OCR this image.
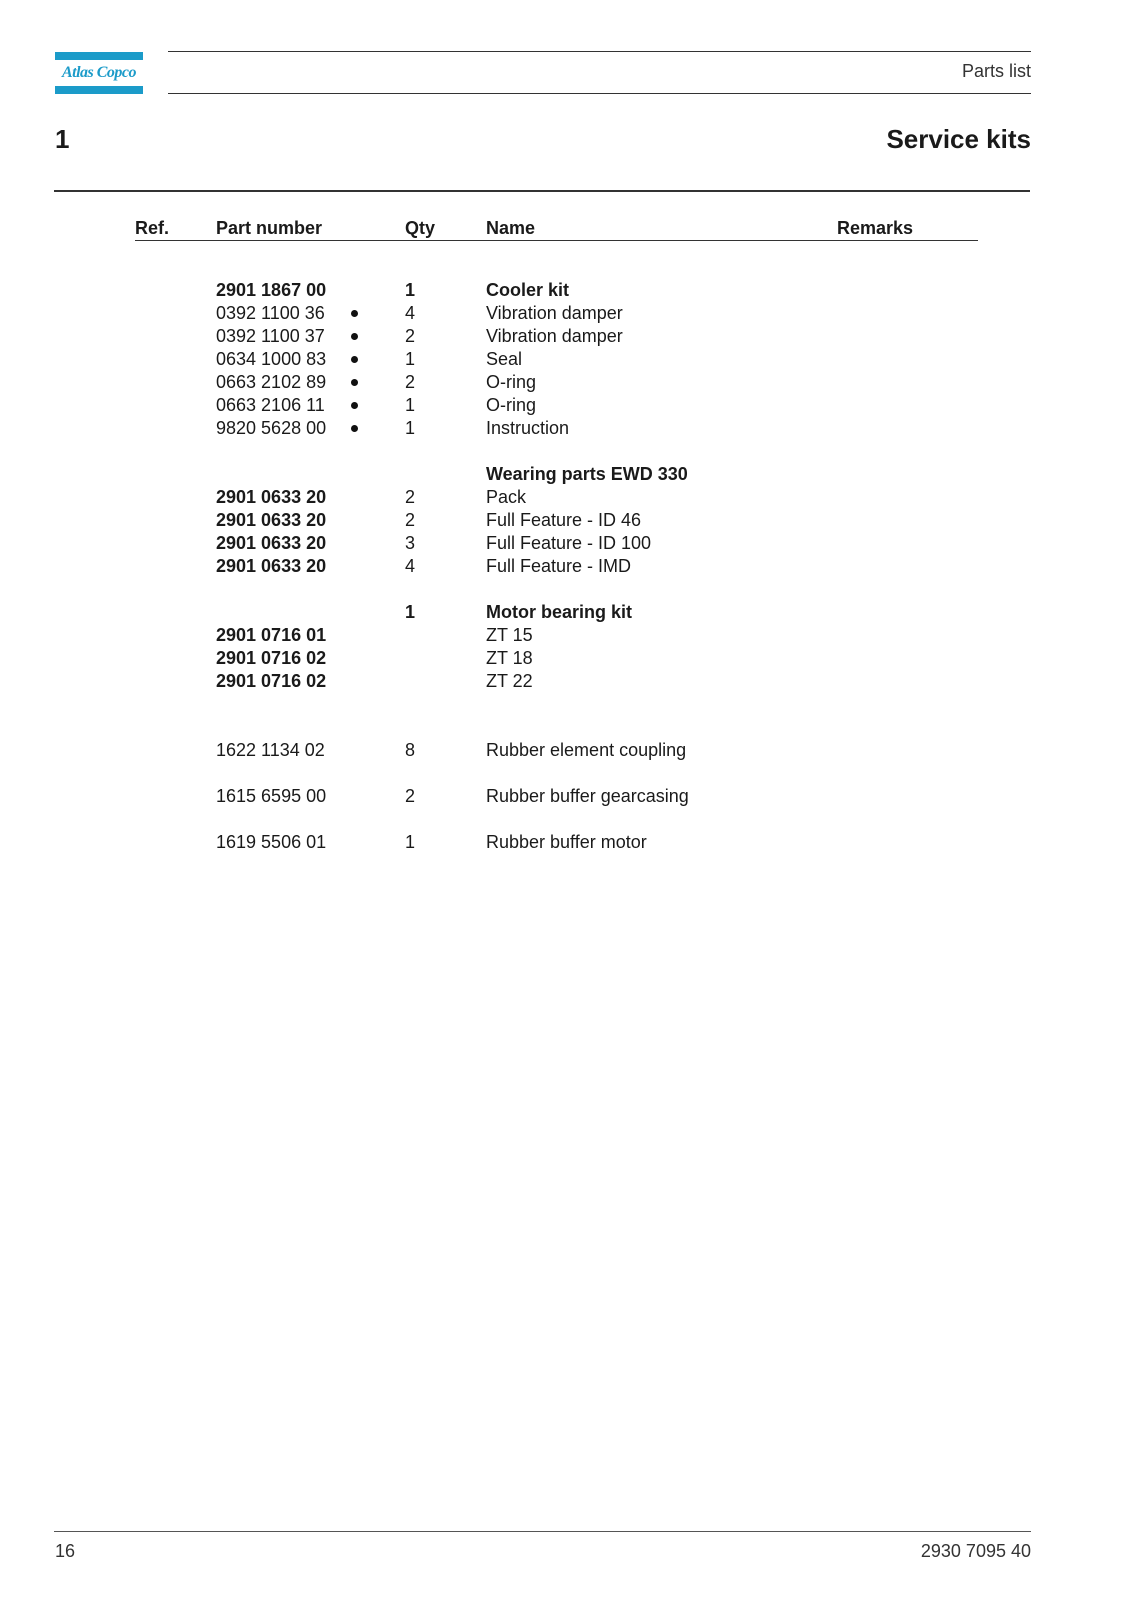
Atlas Copco	Parts list
1	Service kits
Ref.	Part number	Qty	Name	Remarks
2901 1867 00	1	Cooler kit
0392 1100 36	4	Vibration damper
0392 1100 37	2	Vibration damper
0634 1000 83	1	Seal
0663 2102 89	2	O-ring
0663 2106 11	1	O-ring
9820 5628 00	1	Instruction
Wearing parts EWD 330
2901 0633 20	2	Pack
2901 0633 20	2	Full Feature - ID 46
2901 0633 20	3	Full Feature - ID 100
2901 0633 20	4	Full Feature - IMD
1	Motor bearing kit
2901 0716 01	ZT 15
2901 0716 02	ZT 18
2901 0716 02	ZT 22
1622 1134 02	8	Rubber element coupling
1615 6595 00	2	Rubber buffer gearcasing
1619 5506 01	1	Rubber buffer motor
16	2930 7095 40
